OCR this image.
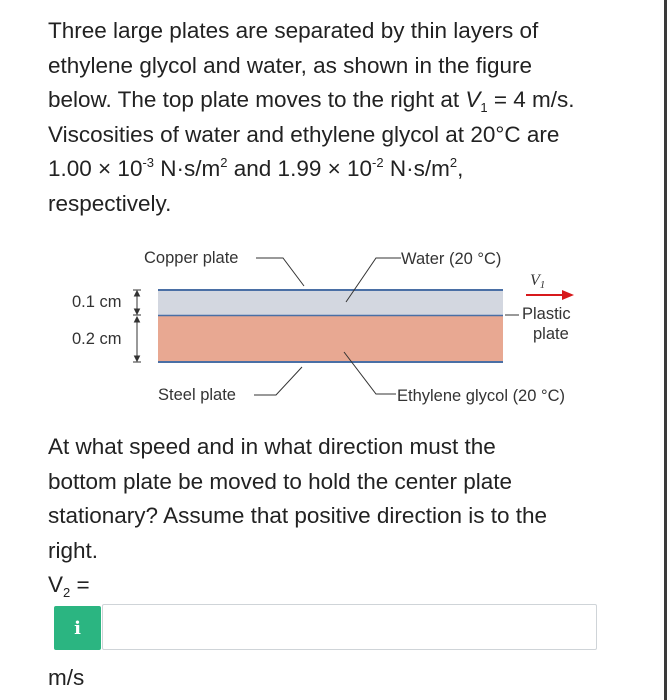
Three large plates are separated by thin layers of
ethylene glycol and water, as shown in the figure
below. The top plate moves to the right at $V_1 = 4$ m/s.
Viscosities of water and ethylene glycol at 20°C are
$1.00 \times 10^{-3}$ $N\cdot s/m^2$ and $1.99 \times 10^{-2}$ $N\cdot s/m^2$,
respectively.
0.1 cm
0.2 cm
Copper plate	Water (20 °C)
V1
Plastic
plate
Steel plate	Ethylene glycol (20 °C)
At what speed and in what direction must the
bottom plate be moved to hold the center plate
stationary? Assume that positive direction is to the
right.
$V_2$ =
i
m/s
